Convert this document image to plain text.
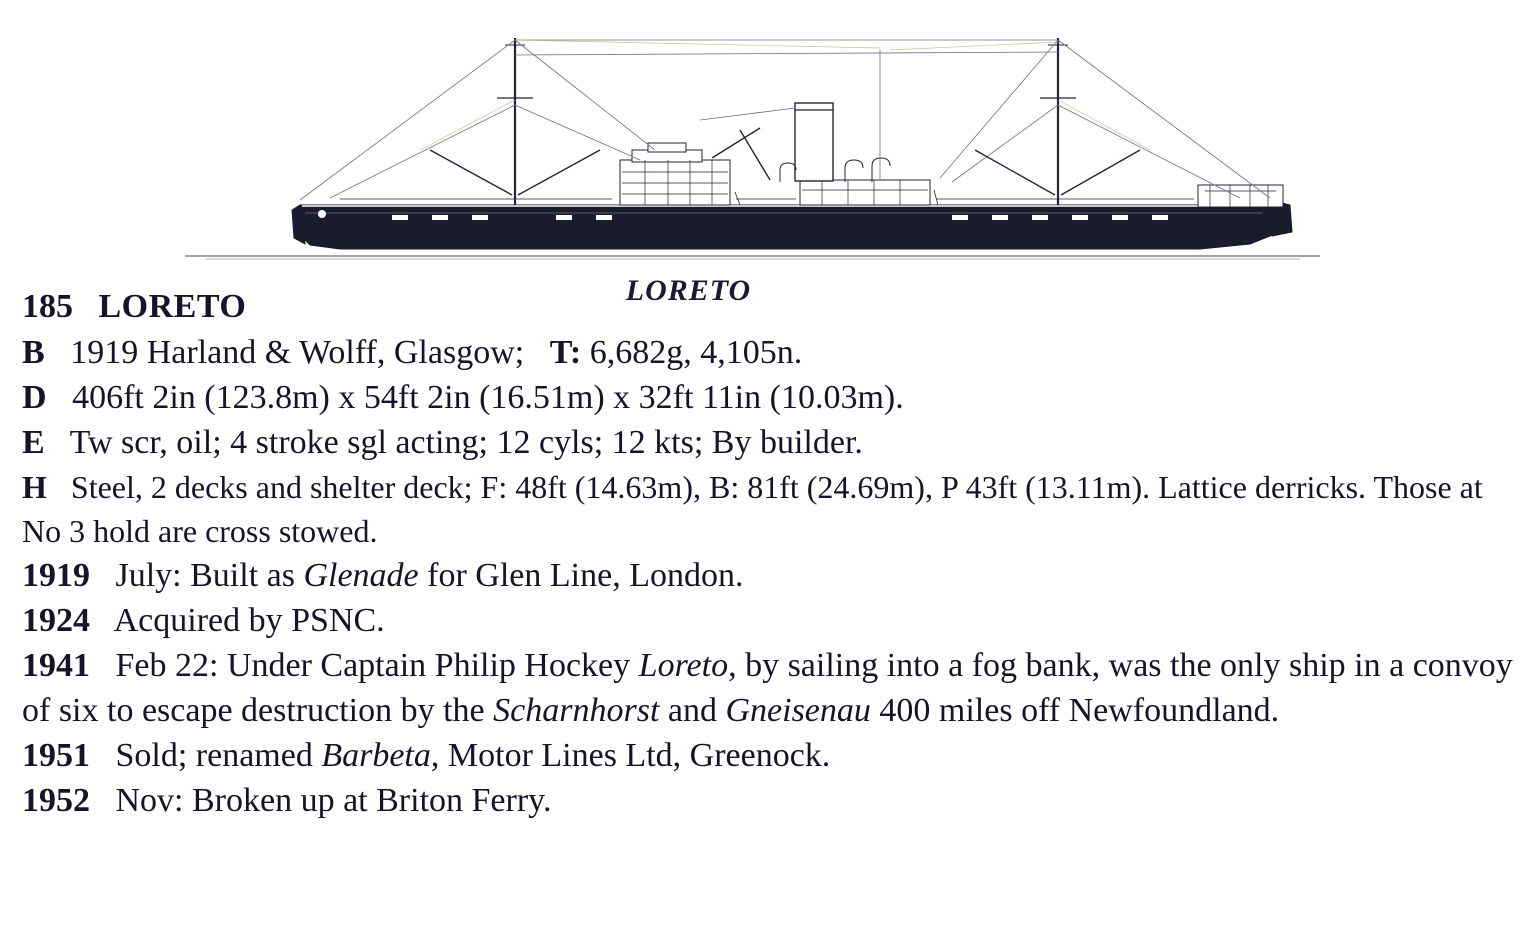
LORETO
185 LORETO
B 1919 Harland & Wolff, Glasgow; T: 6,682g, 4,105n.
D 406ft 2in (123.8m) x 54ft 2in (16.51m) x 32ft 11in (10.03m).
E Tw scr, oil; 4 stroke sgl acting; 12 cyls; 12 kts; By builder.
H Steel, 2 decks and shelter deck; F: 48ft (14.63m), B: 81ft (24.69m), P 43ft (13.11m). Lattice derricks. Those at No 3 hold are cross stowed.
1919 July: Built as Glenade for Glen Line, London.
1924 Acquired by PSNC.
1941 Feb 22: Under Captain Philip Hockey Loreto, by sailing into a fog bank, was the only ship in a convoy of six to escape destruction by the Scharnhorst and Gneisenau 400 miles off Newfoundland.
1951 Sold; renamed Barbeta, Motor Lines Ltd, Greenock.
1952 Nov: Broken up at Briton Ferry.
